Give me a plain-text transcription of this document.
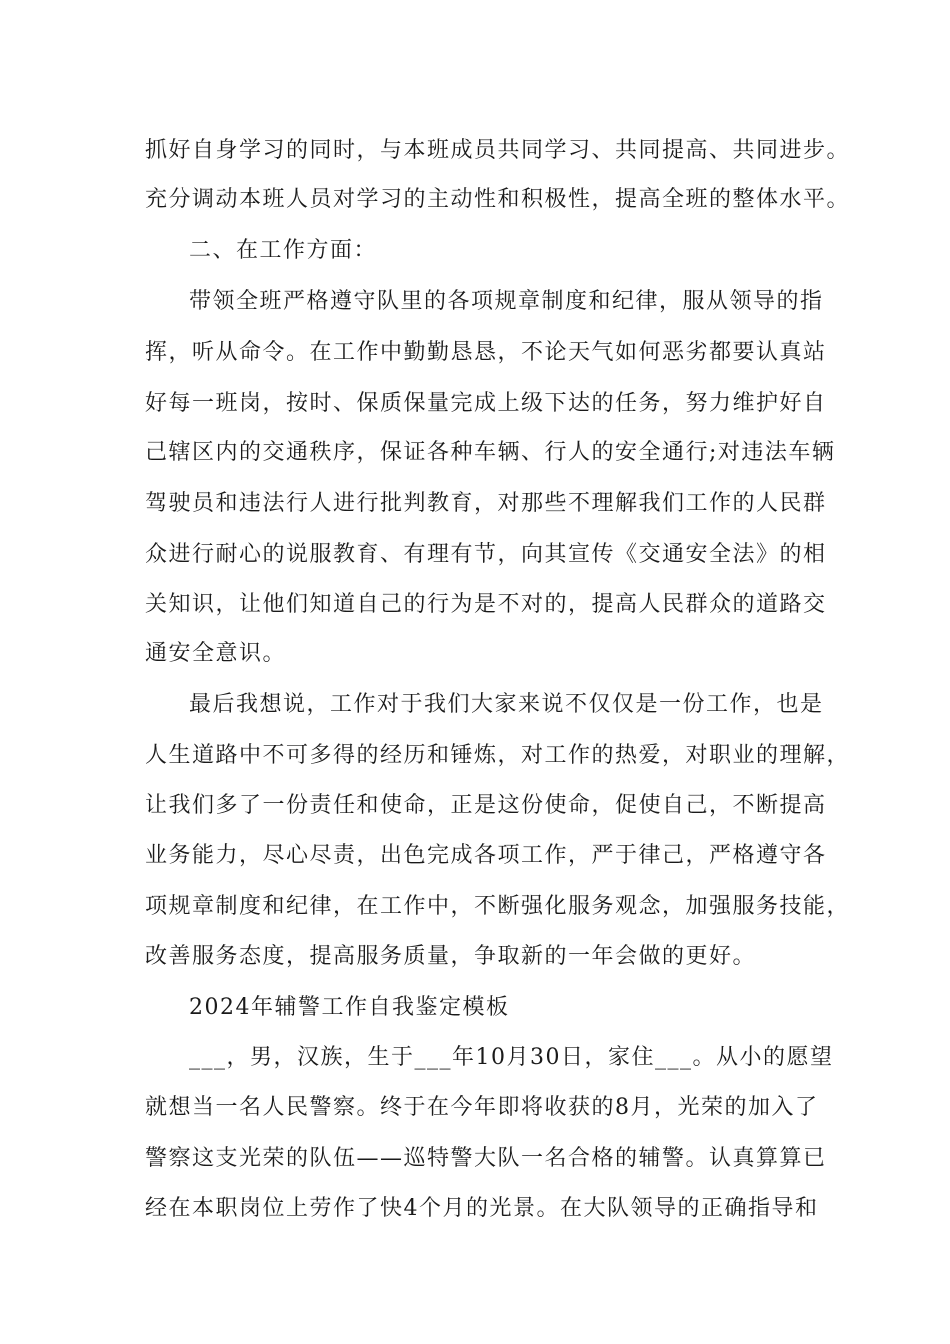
抓好自身学习的同时，与本班成员共同学习、共同提高、共同进步。
充分调动本班人员对学习的主动性和积极性，提高全班的整体水平。
二、在工作方面：
带领全班严格遵守队里的各项规章制度和纪律，服从领导的指
挥，听从命令。在工作中勤勤恳恳，不论天气如何恶劣都要认真站
好每一班岗，按时、保质保量完成上级下达的任务，努力维护好自
己辖区内的交通秩序，保证各种车辆、行人的安全通行;对违法车辆
驾驶员和违法行人进行批判教育，对那些不理解我们工作的人民群
众进行耐心的说服教育、有理有节，向其宣传《交通安全法》的相
关知识，让他们知道自己的行为是不对的，提高人民群众的道路交
通安全意识。
最后我想说，工作对于我们大家来说不仅仅是一份工作，也是
人生道路中不可多得的经历和锤炼，对工作的热爱，对职业的理解，
让我们多了一份责任和使命，正是这份使命，促使自己，不断提高
业务能力，尽心尽责，出色完成各项工作，严于律己，严格遵守各
项规章制度和纪律，在工作中，不断强化服务观念，加强服务技能，
改善服务态度，提高服务质量，争取新的一年会做的更好。
2024年辅警工作自我鉴定模板
___，男，汉族，生于___年10月30日，家住___。从小的愿望
就想当一名人民警察。终于在今年即将收获的8月，光荣的加入了
警察这支光荣的队伍——巡特警大队一名合格的辅警。认真算算已
经在本职岗位上劳作了快4个月的光景。在大队领导的正确指导和
